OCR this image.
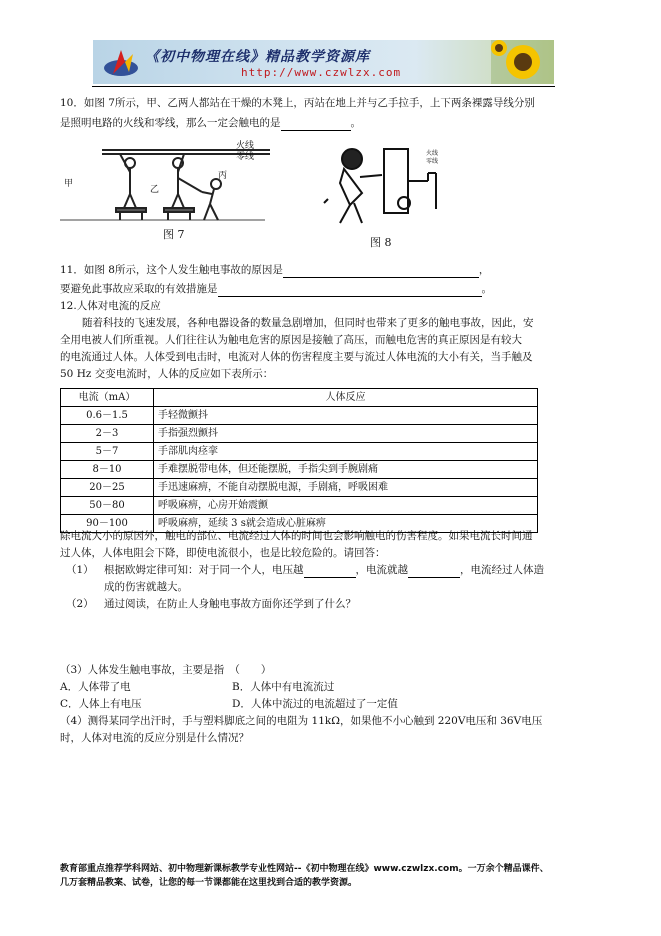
《初中物理在线》精品教学资源库
http://www.czwlzx.com
10．如图 7所示，甲、乙两人都站在干燥的木凳上，丙站在地上并与乙手拉手，上下两条裸露导线分别
是照明电路的火线和零线，那么一定会触电的是	。
火线
零线
甲
乙
丙
图 7
火线
零线
图 8
11．如图 8所示，这个人发生触电事故的原因是	，
要避免此事故应采取的有效措施是	。
12.人体对电流的反应
随着科技的飞速发展，各种电器设备的数量急剧增加，但同时也带来了更多的触电事故，因此，安
全用电被人们所重视。人们往往认为触电危害的原因是接触了高压，而触电危害的真正原因是有较大
的电流通过人体。人体受到电击时，电流对人体的伤害程度主要与流过人体电流的大小有关，当手触及
50 Hz 交变电流时，人体的反应如下表所示：
电流（mA）	人体反应
0.6－1.5	手轻微颤抖
2－3	手指强烈颤抖
5－7	手部肌肉痉挛
8－10	手难摆脱带电体，但还能摆脱，手指尖到手腕剧痛
20－25	手迅速麻痹，不能自动摆脱电源，手剧痛，呼吸困难
50－80	呼吸麻痹，心房开始震颤
90－100	呼吸麻痹，延续 3 s就会造成心脏麻痹
除电流大小的原因外，触电的部位、电流经过人体的时间也会影响触电的伤害程度。如果电流长时间通
过人体，人体电阻会下降，即使电流很小，也是比较危险的。请回答：
（1） 根据欧姆定律可知：对于同一个人，电压越	，电流就越	，电流经过人体造
成的伤害就越大。
（2） 通过阅读，在防止人身触电事故方面你还学到了什么？
（3）人体发生触电事故，主要是指　（　　）
A．人体带了电	B．人体中有电流流过
C．人体上有电压	D．人体中流过的电流超过了一定值
（4）测得某同学出汗时，手与塑料脚底之间的电阻为 11kΩ，如果他不小心触到 220V电压和 36V电压
时，人体对电流的反应分别是什么情况？
教育部重点推荐学科网站、初中物理新课标教学专业性网站--《初中物理在线》www.czwlzx.com。一万余个精品课件、
几万套精品教案、试卷，让您的每一节课都能在这里找到合适的教学资源。
